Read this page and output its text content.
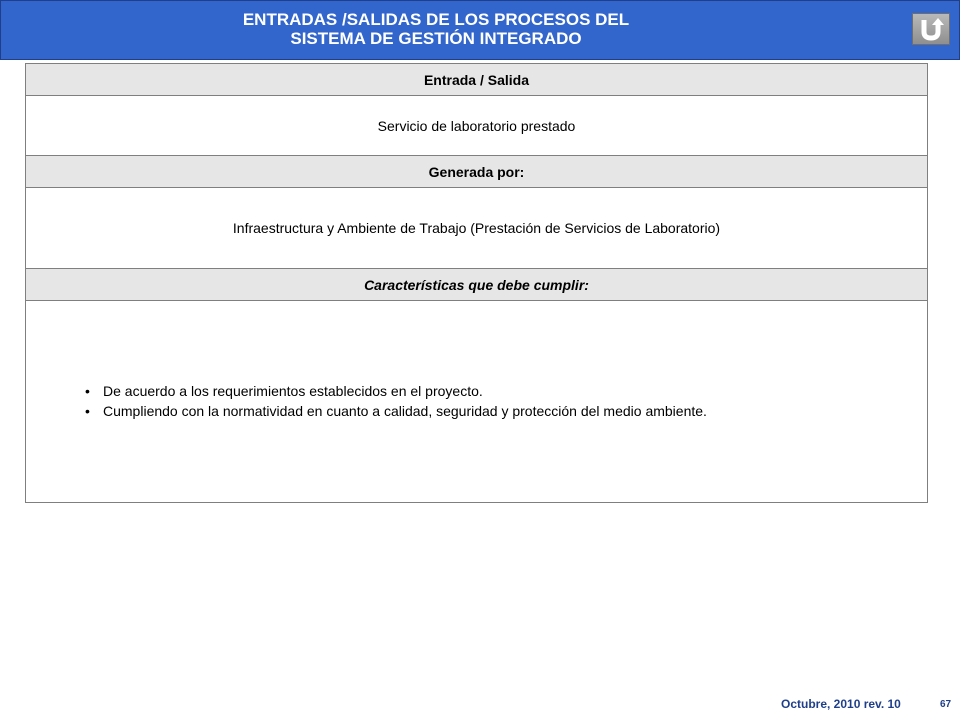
ENTRADAS /SALIDAS DE LOS PROCESOS DEL
SISTEMA DE GESTIÓN INTEGRADO
Entrada / Salida
Servicio de laboratorio prestado
Generada por:
Infraestructura y Ambiente de Trabajo (Prestación de Servicios de Laboratorio)
Características que debe cumplir:

• De acuerdo a los requerimientos establecidos en el proyecto.
• Cumpliendo con la normatividad en cuanto a calidad, seguridad y protección del medio ambiente.
Octubre, 2010 rev. 10	67
